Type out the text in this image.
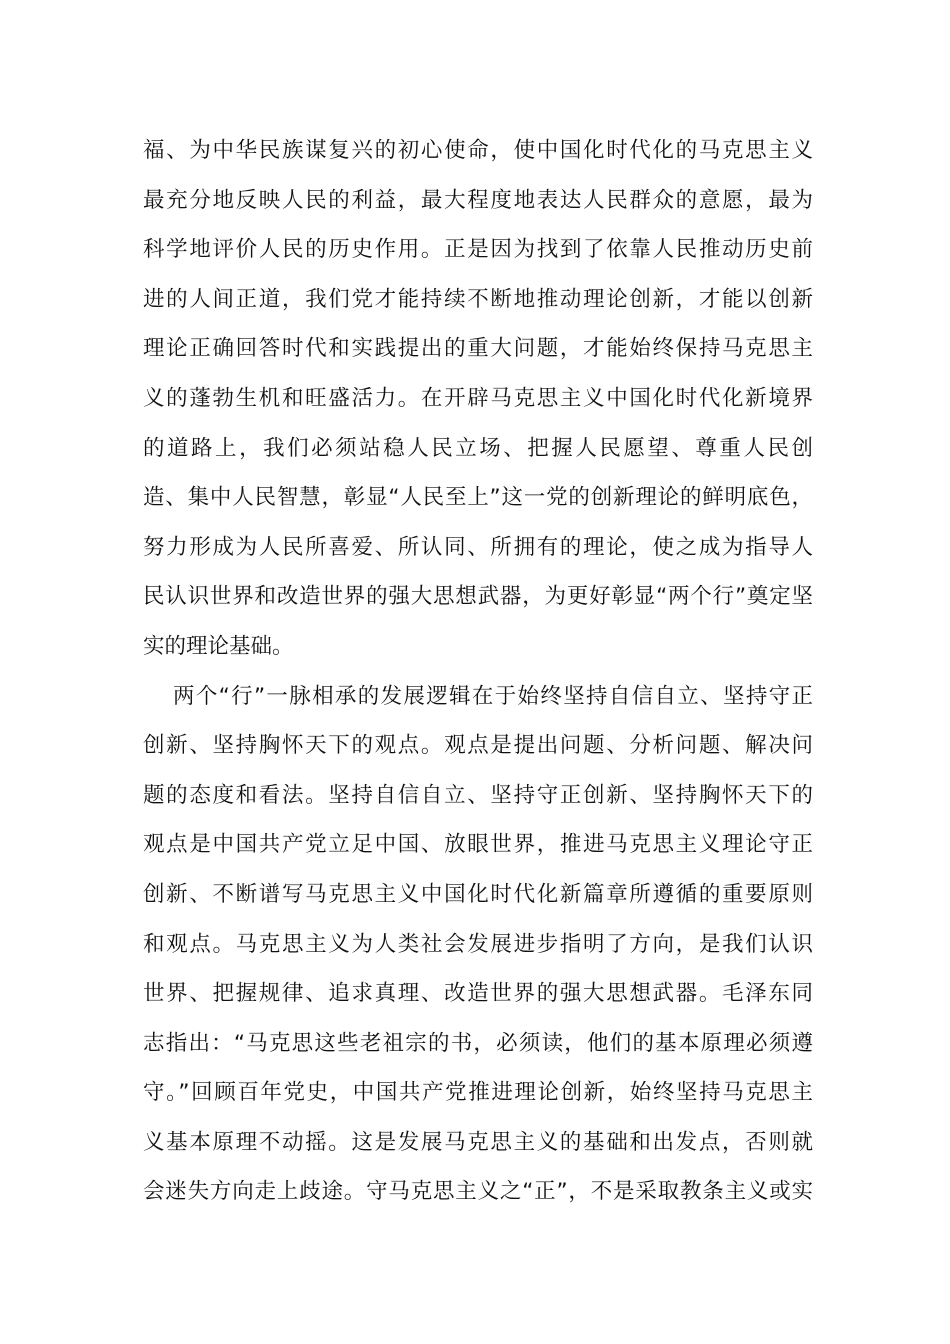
福、为中华民族谋复兴的初心使命，使中国化时代化的马克思主义
最充分地反映人民的利益，最大程度地表达人民群众的意愿，最为
科学地评价人民的历史作用。正是因为找到了依靠人民推动历史前
进的人间正道，我们党才能持续不断地推动理论创新，才能以创新
理论正确回答时代和实践提出的重大问题，才能始终保持马克思主
义的蓬勃生机和旺盛活力。在开辟马克思主义中国化时代化新境界
的道路上，我们必须站稳人民立场、把握人民愿望、尊重人民创
造、集中人民智慧，彰显“人民至上”这一党的创新理论的鲜明底色，
努力形成为人民所喜爱、所认同、所拥有的理论，使之成为指导人
民认识世界和改造世界的强大思想武器，为更好彰显“两个行”奠定坚
实的理论基础。
两个“行”一脉相承的发展逻辑在于始终坚持自信自立、坚持守正
创新、坚持胸怀天下的观点。观点是提出问题、分析问题、解决问
题的态度和看法。坚持自信自立、坚持守正创新、坚持胸怀天下的
观点是中国共产党立足中国、放眼世界，推进马克思主义理论守正
创新、不断谱写马克思主义中国化时代化新篇章所遵循的重要原则
和观点。马克思主义为人类社会发展进步指明了方向，是我们认识
世界、把握规律、追求真理、改造世界的强大思想武器。毛泽东同
志指出：“马克思这些老祖宗的书，必须读，他们的基本原理必须遵
守。”回顾百年党史，中国共产党推进理论创新，始终坚持马克思主
义基本原理不动摇。这是发展马克思主义的基础和出发点，否则就
会迷失方向走上歧途。守马克思主义之“正”，不是采取教条主义或实
